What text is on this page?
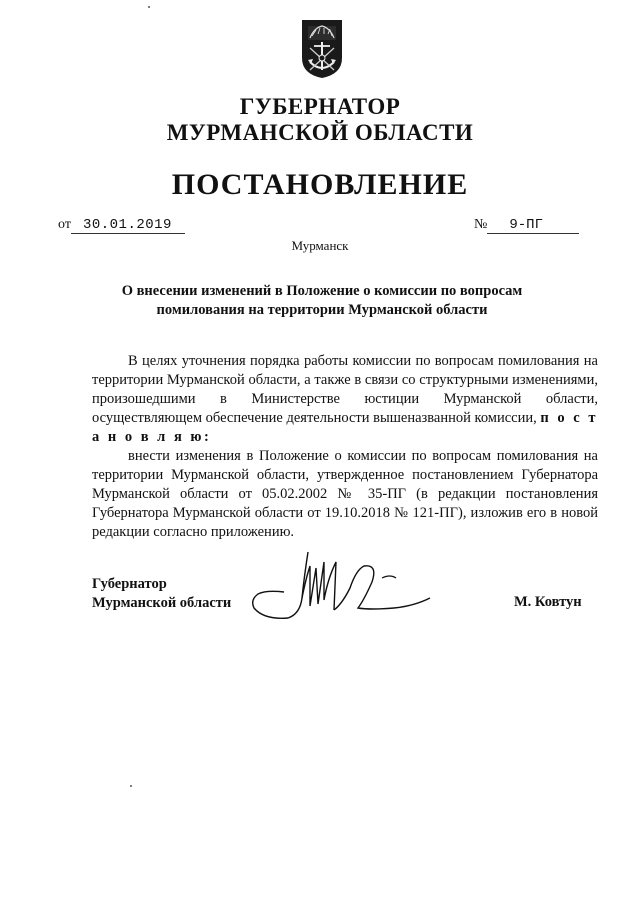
ГУБЕРНАТОР
МУРМАНСКОЙ ОБЛАСТИ
ПОСТАНОВЛЕНИЕ
от 30.01.2019	№ 9-ПГ
Мурманск
О внесении изменений в Положение о комиссии по вопросам
помилования на территории Мурманской области
В целях уточнения порядка работы комиссии по вопросам помилования на территории Мурманской области, а также в связи со структурными изменениями, произошедшими в Министерстве юстиции Мурманской области, осуществляющем обеспечение деятельности вышеназванной комиссии, п о с т а н о в л я ю:
внести изменения в Положение о комиссии по вопросам помилования на территории Мурманской области, утвержденное постановлением Губернатора Мурманской области от 05.02.2002 № 35-ПГ (в редакции постановления Губернатора Мурманской области от 19.10.2018 № 121-ПГ), изложив его в новой редакции согласно приложению.
Губернатор
Мурманской области	М. Ковтун
